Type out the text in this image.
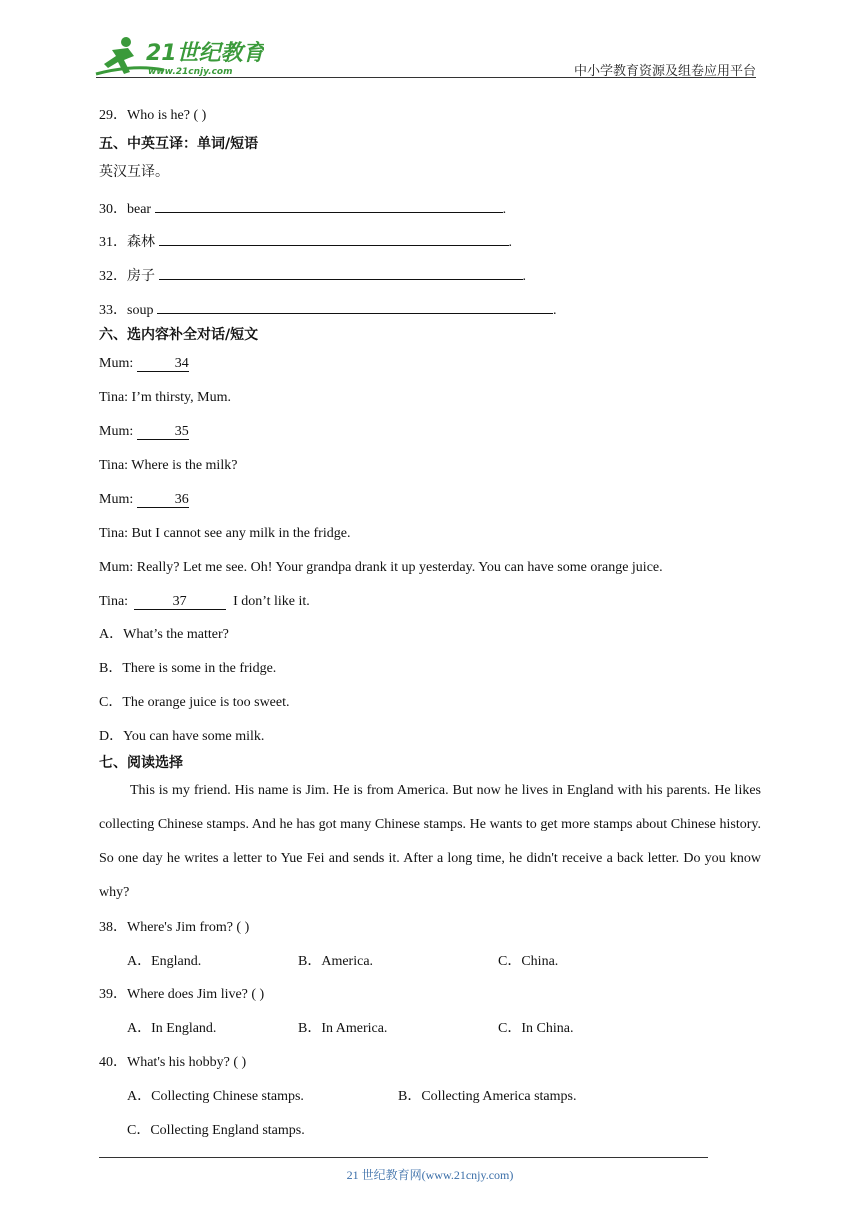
21世纪教育
www.21cnjy.com	中小学教育资源及组卷应用平台
29．Who is he? ( )
五、中英互译：单词/短语
英汉互译。
30．bear	.
31．森林	.
32．房子	.
33．soup	.
六、选内容补全对话/短文
Mum:	34
Tina: I’m thirsty, Mum.
Mum:	35
Tina: Where is the milk?
Mum:	36
Tina: But I cannot see any milk in the fridge.
Mum: Really? Let me see. Oh! Your grandpa drank it up yesterday. You can have some orange juice.
Tina:	37	I don’t like it.
A．What’s the matter?
B．There is some in the fridge.
C．The orange juice is too sweet.
D．You can have some milk.
七、阅读选择

This is my friend. His name is Jim. He is from America. But now he lives in England with his parents. He likes collecting Chinese stamps. And he has got many Chinese stamps. He wants to get more stamps about Chinese history. So one day he writes a letter to Yue Fei and sends it. After a long time, he didn't receive a back letter. Do you know why?

38．Where's Jim from? ( )
A．England.	B．America.	C．China.
39．Where does Jim live? ( )
A．In England.	B．In America.	C．In China.
40．What's his hobby? ( )
A．Collecting Chinese stamps.	B．Collecting America stamps.
C．Collecting England stamps.
21 世纪教育网(www.21cnjy.com)
